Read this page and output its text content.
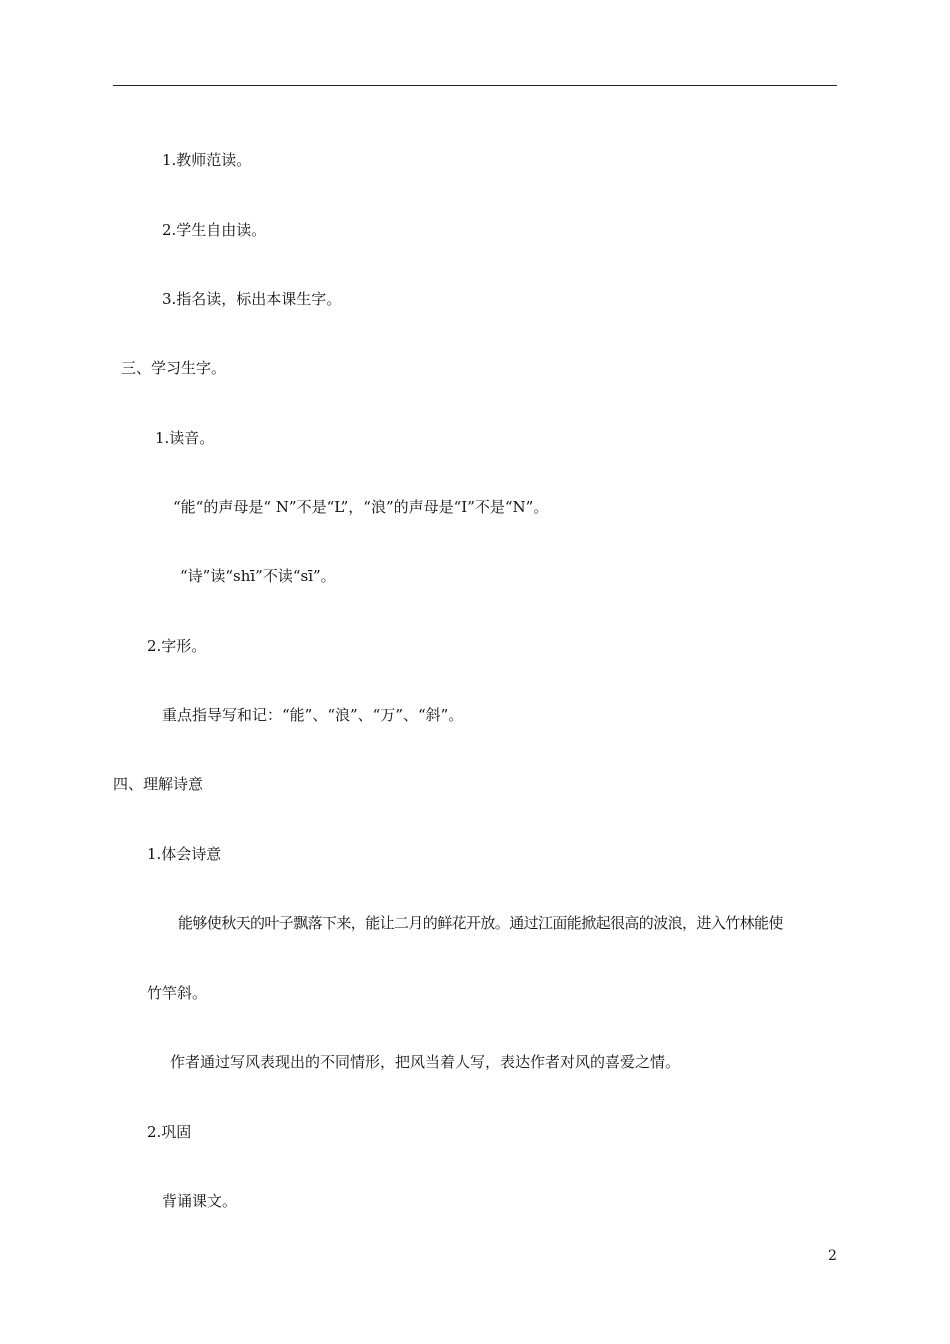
1.教师范读。
2.学生自由读。
3.指名读，标出本课生字。
三、学习生字。
1.读音。
“能“的声母是“ N”不是“L”，“浪”的声母是“I”不是“N”。
“诗”读“shī”不读“sī”。
2.字形。
重点指导写和记：“能”、“浪”、“万”、“斜”。
四、理解诗意
1.体会诗意
能够使秋天的叶子飘落下来，能让二月的鲜花开放。通过江面能掀起很高的波浪，进入竹林能使
竹竿斜。
作者通过写风表现出的不同情形，把风当着人写，表达作者对风的喜爱之情。
2.巩固
背诵课文。
2
